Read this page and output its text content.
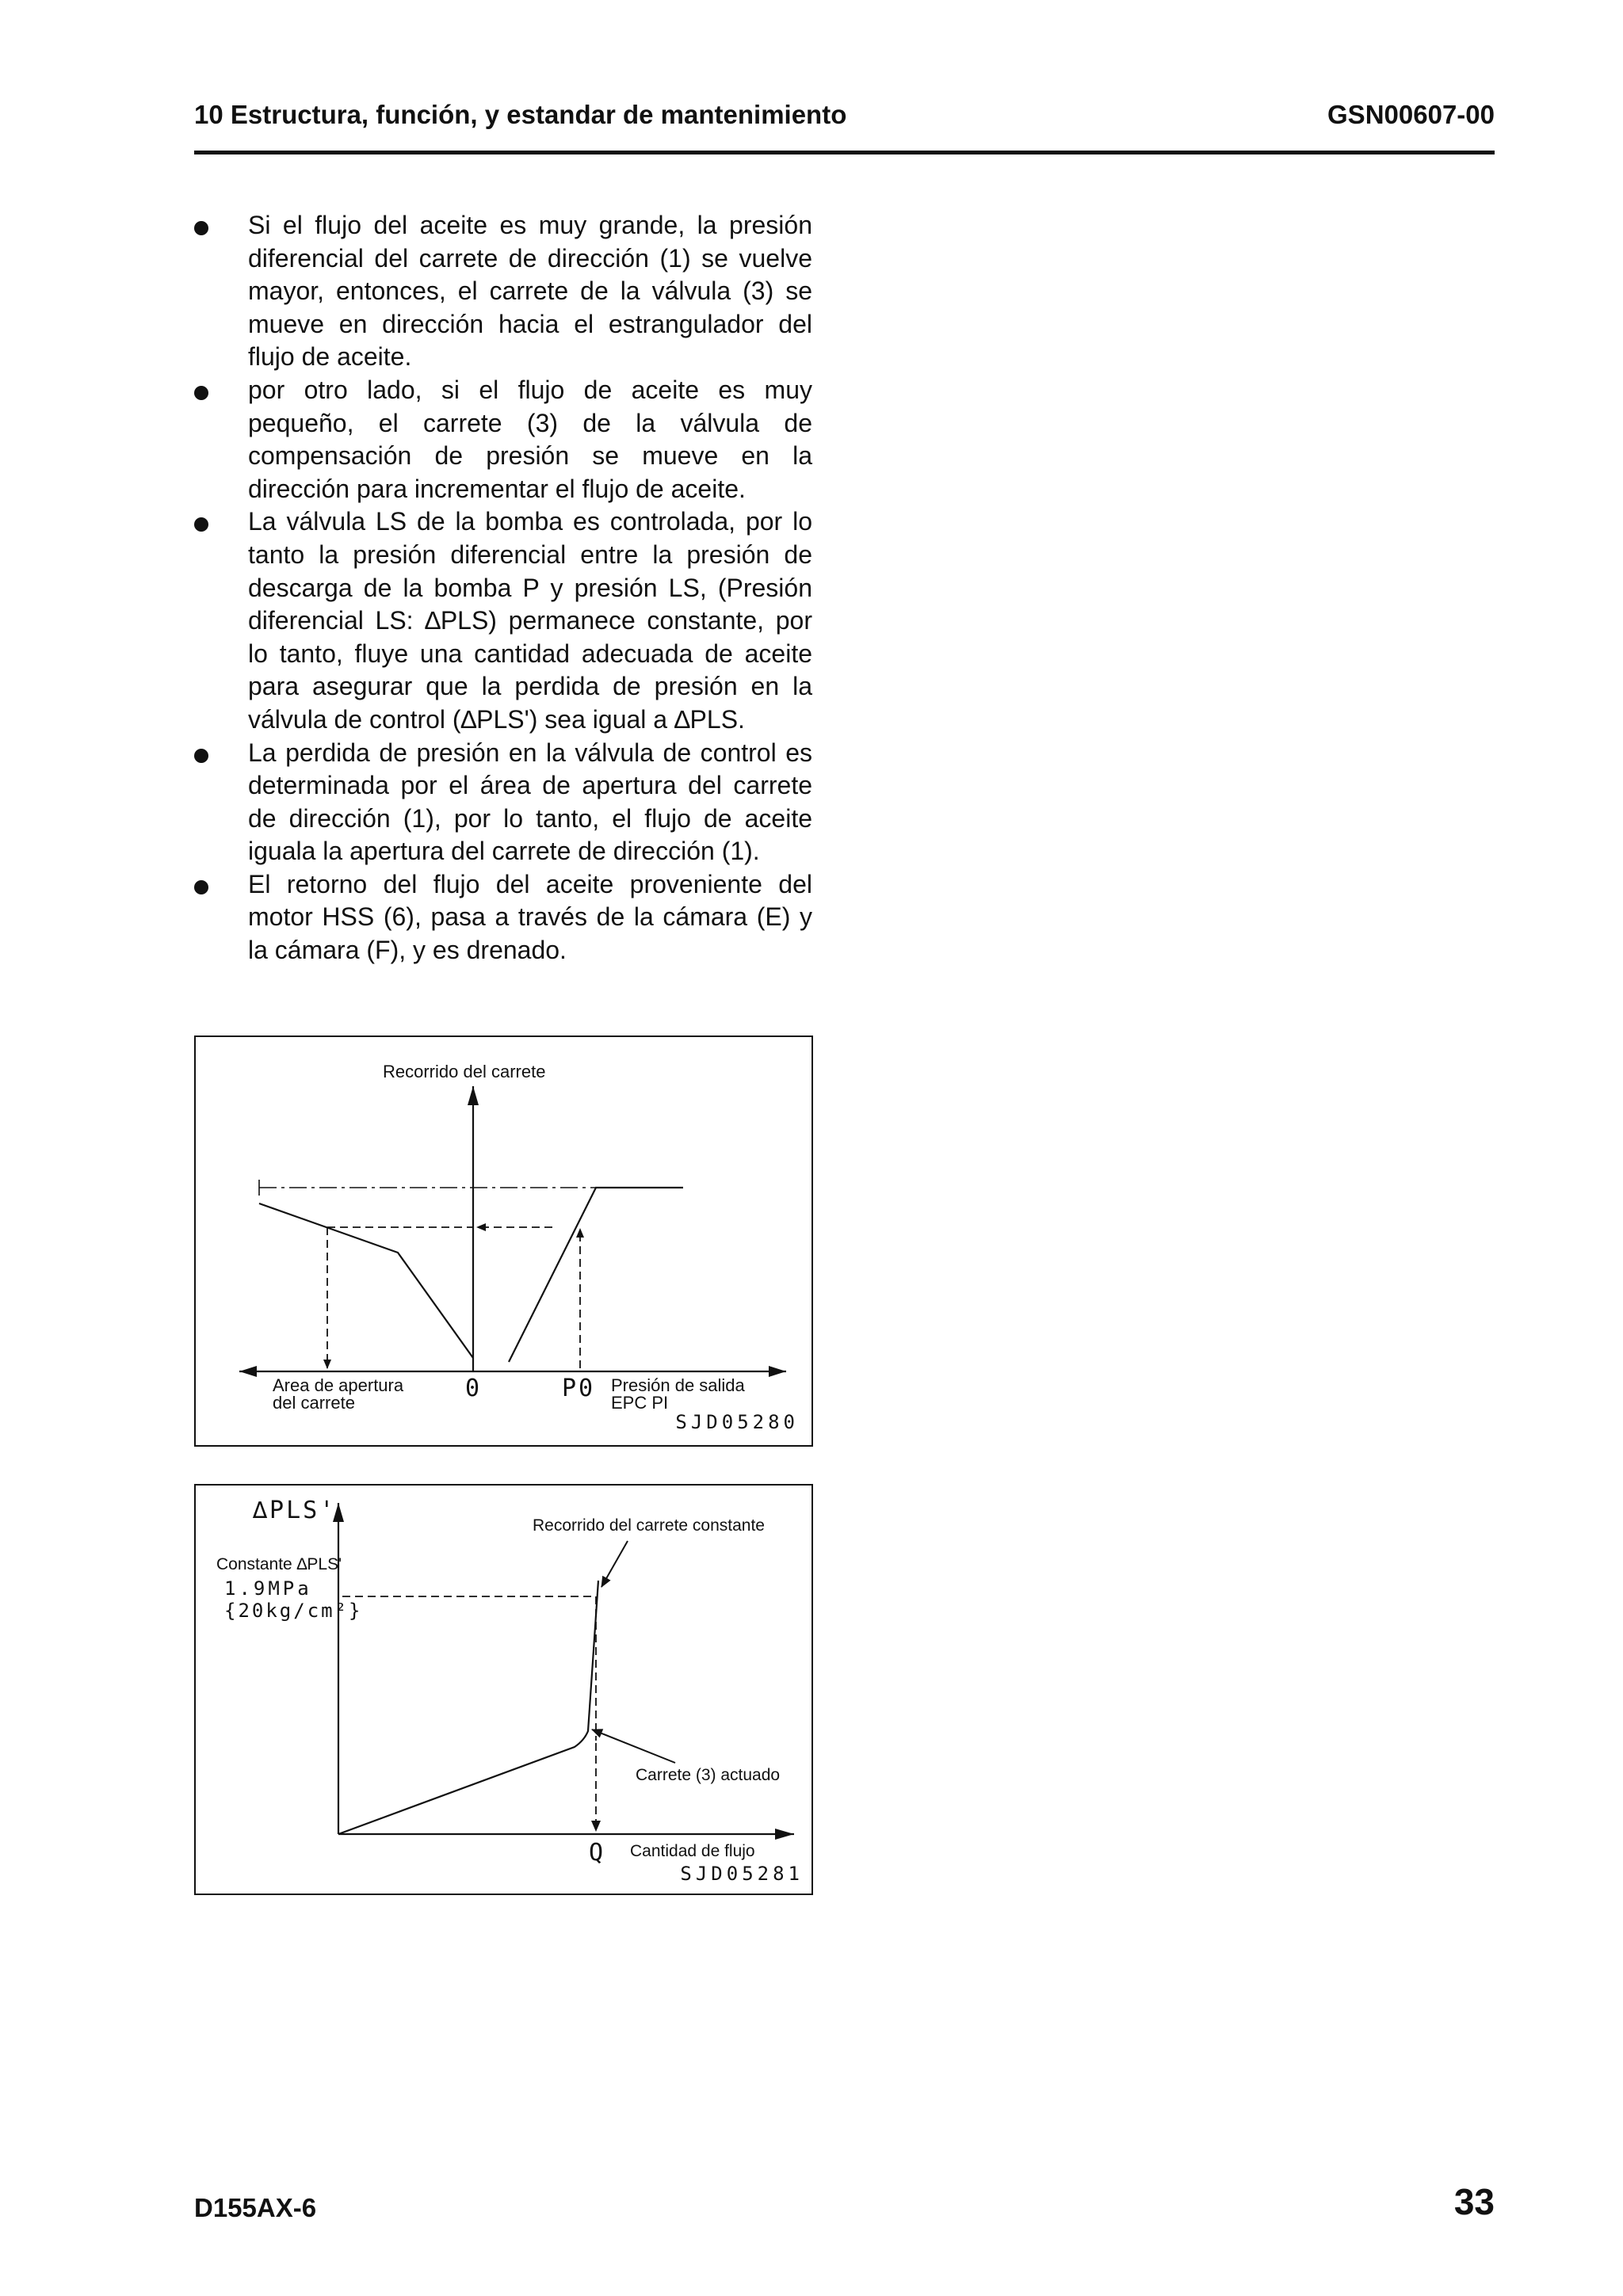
10 Estructura, función, y estandar de mantenimiento	GSN00607-00
Si el flujo del aceite es muy grande, la presión diferencial del carrete de dirección (1) se vuelve mayor, entonces, el carrete de la válvula (3) se mueve en dirección hacia el estrangulador del flujo de aceite.
por otro lado, si el flujo de aceite es muy pequeño, el carrete (3) de la válvula de compensación de presión se mueve en la dirección para incrementar el flujo de aceite.
La válvula LS de la bomba es controlada, por lo tanto la presión diferencial entre la presión de descarga de la bomba P y presión LS, (Presión diferencial LS: ∆PLS) permanece constante, por lo tanto, fluye una cantidad adecuada de aceite para asegurar que la perdida de presión en la válvula de control (∆PLS') sea igual a ∆PLS.
La perdida de presión en la válvula de control es determinada por el área de apertura del carrete de dirección (1), por lo tanto, el flujo de aceite iguala la apertura del carrete de dirección (1).
El retorno del flujo del aceite proveniente del motor HSS (6), pasa a través de la cámara (E) y la cámara (F), y es drenado.
Recorrido del carrete
Area de apertura
del carrete
0	P0 Presión de salida
EPC PI
SJD05280
∆PLS'
Constante ∆PLS'
1.9MPa
{20kg/cm²}
Recorrido del carrete constante
Carrete (3) actuado
Q Cantidad de flujo
SJD05281
D155AX-6	33
